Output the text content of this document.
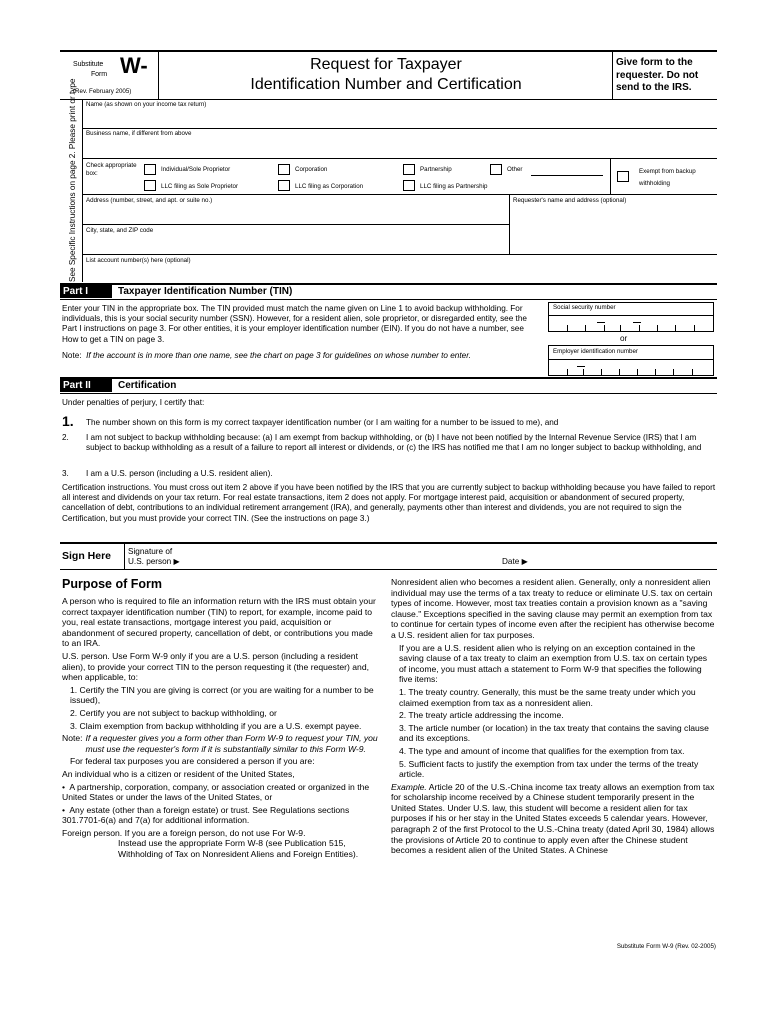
Substitute
Form W-
(Rev. February 2005)
Request for Taxpayer
Identification Number and Certification
Give form to the requester. Do not send to the IRS.
See Specific Instructions on page 2. Please print or type Name (as shown on your income tax return)
Business name, if different from above
Check appropriate box:
Individual/Sole Proprietor	Corporation	Partnership	Other
LLC filing as Sole Proprietor	LLC filing as Corporation	LLC filing as Partnership
Exempt from backup withholding
Address (number, street, and apt. or suite no.)	Requester's name and address (optional)
City, state, and ZIP code
List account number(s) here (optional)
Part I	Taxpayer Identification Number (TIN)
Enter your TIN in the appropriate box. The TIN provided must match the name given on Line 1 to avoid backup withholding. For individuals, this is your social security number (SSN). However, for a resident alien, sole proprietor, or disregarded entity, see the Part I instructions on page 3. For other entities, it is your employer identification number (EIN). If you do not have a number, see How to get a TIN on page 3.
Note: If the account is in more than one name, see the chart on page 3 for guidelines on whose number to enter.
Social security number
or
Employer identification number
Part II	Certification
Under penalties of perjury, I certify that:
1. The number shown on this form is my correct taxpayer identification number (or I am waiting for a number to be issued to me), and
2. I am not subject to backup withholding because: (a) I am exempt from backup withholding, or (b) I have not been notified by the Internal Revenue Service (IRS) that I am subject to backup withholding as a result of a failure to report all interest or dividends, or (c) the IRS has notified me that I am no longer subject to backup withholding, and
3. I am a U.S. person (including a U.S. resident alien).
Certification instructions. You must cross out item 2 above if you have been notified by the IRS that you are currently subject to backup withholding because you have failed to report all interest and dividends on your tax return. For real estate transactions, item 2 does not apply. For mortgage interest paid, acquisition or abandonment of secured property, cancellation of debt, contributions to an individual retirement arrangement (IRA), and generally, payments other than interest and dividends, you are not required to sign the Certification, but you must provide your correct TIN. (See the instructions on page 3.)
Sign Here Signature of
U.S. person ▶	Date ▶
Purpose of Form

A person who is required to file an information return with the IRS must obtain your correct taxpayer identification number (TIN) to report, for example, income paid to you, real estate transactions, mortgage interest you paid, acquisition or abandonment of secured property, cancellation of debt, or contributions you made to an IRA.

U.S. person. Use Form W-9 only if you are a U.S. person (including a resident alien), to provide your correct TIN to the person requesting it (the requester) and, when applicable, to:

1. Certify the TIN you are giving is correct (or you are waiting for a number to be issued),

2. Certify you are not subject to backup withholding, or

3. Claim exemption from backup withholding if you are a U.S. exempt payee.

Note: If a requester gives you a form other than Form W-9 to request your TIN, you must use the requester's form if it is substantially similar to this Form W-9.

For federal tax purposes you are considered a person if you are:

An individual who is a citizen or resident of the United States,

•  A partnership, corporation, company, or association created or organized in the United States or under the laws of the United States, or

•  Any estate (other than a foreign estate) or trust. See Regulations sections 301.7701-6(a) and 7(a) for additional information.

Foreign person. If you are a foreign person, do not use For W-9.

Instead use the appropriate Form W-8 (see Publication 515, Withholding of Tax on Nonresident Aliens and Foreign Entities).

Nonresident alien who becomes a resident alien. Generally, only a nonresident alien individual may use the terms of a tax treaty to reduce or eliminate U.S. tax on certain types of income. However, most tax treaties contain a provision known as a "saving clause." Exceptions specified in the saving clause may permit an exemption from tax to continue for certain types of income even after the recipient has otherwise become a U.S. resident alien for tax purposes.

If you are a U.S. resident alien who is relying on an exception contained in the saving clause of a tax treaty to claim an exemption from U.S. tax on certain types of income, you must attach a statement to Form W-9 that specifies the following five items:

1. The treaty country. Generally, this must be the same treaty under which you claimed exemption from tax as a nonresident alien.

2. The treaty article addressing the income.

3. The article number (or location) in the tax treaty that contains the saving clause and its exceptions.

4. The type and amount of income that qualifies for the exemption from tax.

5. Sufficient facts to justify the exemption from tax under the terms of the treaty article.

Example. Article 20 of the U.S.-China income tax treaty allows an exemption from tax for scholarship income received by a Chinese student temporarily present in the United States. Under U.S. law, this student will become a resident alien for tax purposes if his or her stay in the United States exceeds 5 calendar years. However, paragraph 2 of the first Protocol to the U.S.-China treaty (dated April 30, 1984) allows the provisions of Article 20 to continue to apply even after the Chinese student becomes a resident alien of the United States. A Chinese

Substitute Form W-9 (Rev. 02-2005)
